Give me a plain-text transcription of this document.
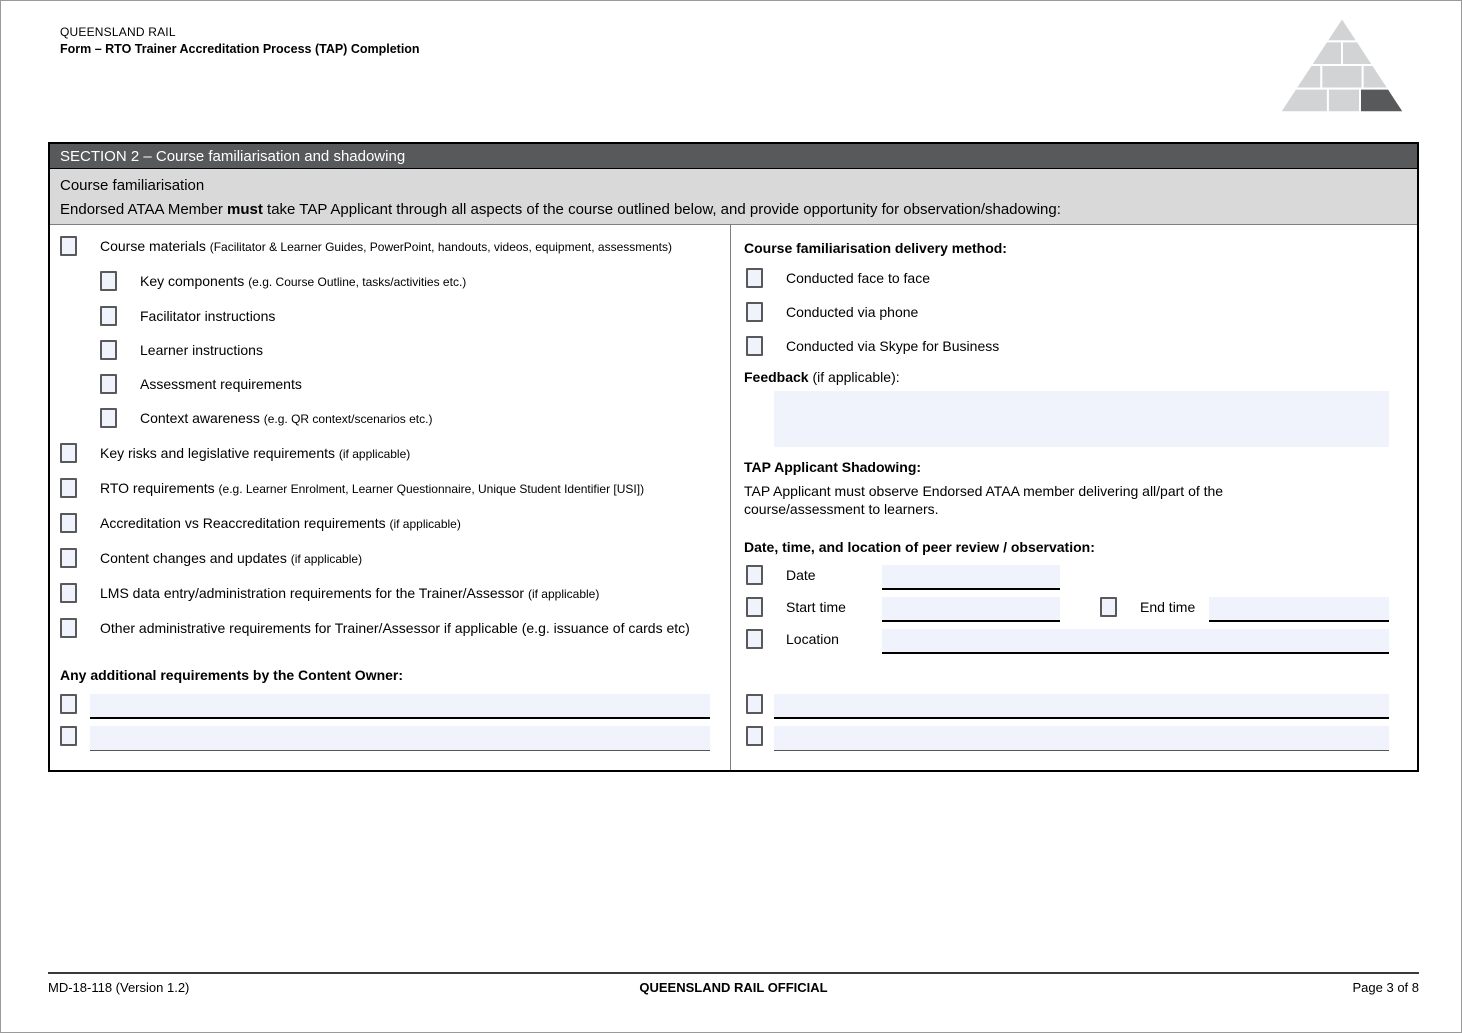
QUEENSLAND RAIL
Form – RTO Trainer Accreditation Process (TAP) Completion
SECTION 2 – Course familiarisation and shadowing
Course familiarisation
Endorsed ATAA Member must take TAP Applicant through all aspects of the course outlined below, and provide opportunity for observation/shadowing:
Course materials (Facilitator & Learner Guides, PowerPoint, handouts, videos, equipment, assessments)
Key components (e.g. Course Outline, tasks/activities etc.)
Facilitator instructions
Learner instructions
Assessment requirements
Context awareness (e.g. QR context/scenarios etc.)
Key risks and legislative requirements (if applicable)
RTO requirements (e.g. Learner Enrolment, Learner Questionnaire, Unique Student Identifier [USI])
Accreditation vs Reaccreditation requirements (if applicable)
Content changes and updates (if applicable)
LMS data entry/administration requirements for the Trainer/Assessor (if applicable)
Other administrative requirements for Trainer/Assessor if applicable (e.g. issuance of cards etc)
Any additional requirements by the Content Owner:
Course familiarisation delivery method:
Conducted face to face
Conducted via phone
Conducted via Skype for Business
Feedback (if applicable):
TAP Applicant Shadowing:
TAP Applicant must observe Endorsed ATAA member delivering all/part of the course/assessment to learners.
Date, time, and location of peer review / observation:
Date
Start time	End time
Location
MD-18-118 (Version 1.2)	QUEENSLAND RAIL OFFICIAL	Page 3 of 8
